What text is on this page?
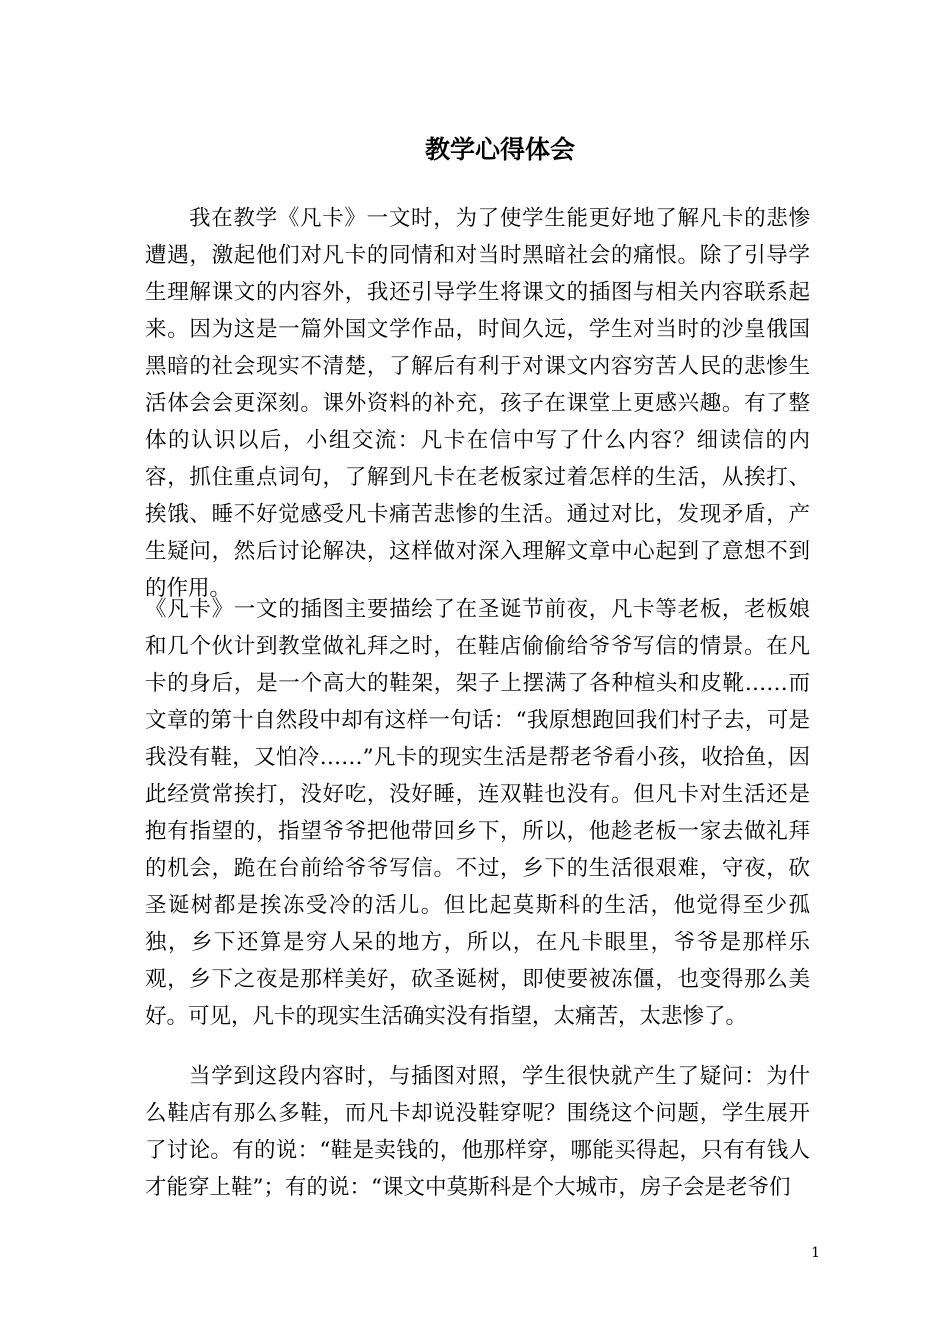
教学心得体会

我在教学《凡卡》一文时，为了使学生能更好地了解凡卡的悲惨遭遇，激起他们对凡卡的同情和对当时黑暗社会的痛恨。除了引导学生理解课文的内容外，我还引导学生将课文的插图与相关内容联系起来。因为这是一篇外国文学作品，时间久远，学生对当时的沙皇俄国黑暗的社会现实不清楚，了解后有利于对课文内容穷苦人民的悲惨生活体会会更深刻。课外资料的补充，孩子在课堂上更感兴趣。有了整体的认识以后，小组交流：凡卡在信中写了什么内容？细读信的内容，抓住重点词句，了解到凡卡在老板家过着怎样的生活，从挨打、挨饿、睡不好觉感受凡卡痛苦悲惨的生活。通过对比，发现矛盾，产生疑问，然后讨论解决，这样做对深入理解文章中心起到了意想不到的作用。

《凡卡》一文的插图主要描绘了在圣诞节前夜，凡卡等老板，老板娘和几个伙计到教堂做礼拜之时，在鞋店偷偷给爷爷写信的情景。在凡卡的身后，是一个高大的鞋架，架子上摆满了各种楦头和皮靴……而文章的第十自然段中却有这样一句话：“我原想跑回我们村子去，可是我没有鞋，又怕冷……”凡卡的现实生活是帮老爷看小孩，收拾鱼，因此经赏常挨打，没好吃，没好睡，连双鞋也没有。但凡卡对生活还是抱有指望的，指望爷爷把他带回乡下，所以，他趁老板一家去做礼拜的机会，跪在台前给爷爷写信。不过，乡下的生活很艰难，守夜，砍圣诞树都是挨冻受冷的活儿。但比起莫斯科的生活，他觉得至少孤独，乡下还算是穷人呆的地方，所以，在凡卡眼里，爷爷是那样乐观，乡下之夜是那样美好，砍圣诞树，即使要被冻僵，也变得那么美好。可见，凡卡的现实生活确实没有指望，太痛苦，太悲惨了。

当学到这段内容时，与插图对照，学生很快就产生了疑问：为什么鞋店有那么多鞋，而凡卡却说没鞋穿呢？围绕这个问题，学生展开了讨论。有的说：“鞋是卖钱的，他那样穿，哪能买得起，只有有钱人才能穿上鞋”；有的说：“课文中莫斯科是个大城市，房子会是老爷们

1
